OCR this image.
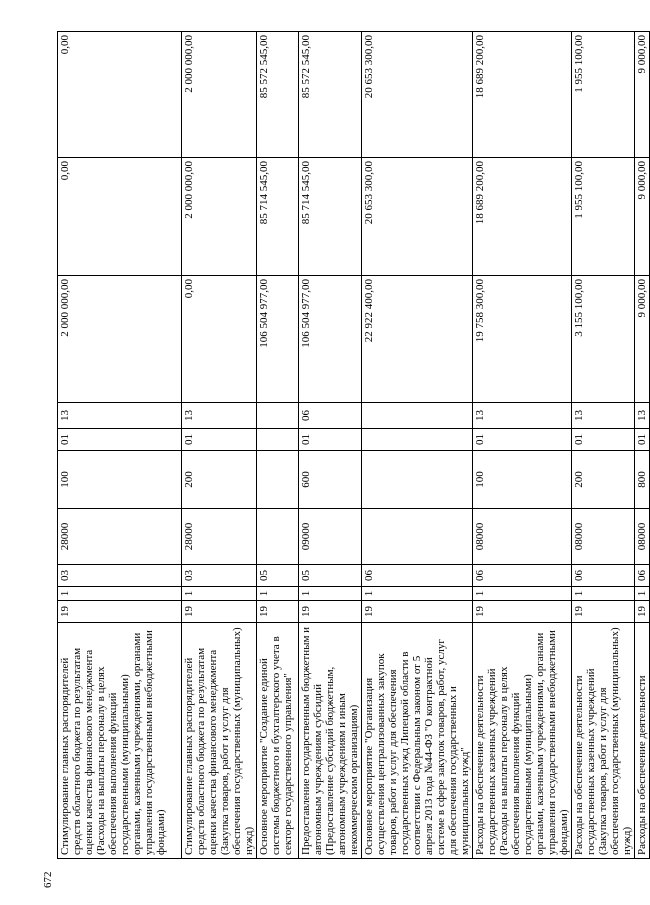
672
Стимулирование главных распорядителей средств областного бюджета по результатам оценки качества финансового менеджмента (Расходы на выплаты персоналу в целях обеспечения выполнения функций государственными (муниципальными) органами, казенными учреждениями, органами управления государственными внебюджетными фондами)	19	1	03	28000	100	01	13	2 000 000,00	0,00	0,00
Стимулирование главных распорядителей средств областного бюджета по результатам оценки качества финансового менеджмента (Закупка товаров, работ и услуг для обеспечения государственных (муниципальных) нужд)	19	1	03	28000	200	01	13	0,00	2 000 000,00	2 000 000,00
Основное мероприятие "Создание единой системы бюджетного и бухгалтерского учета в секторе государственного управления"	19	1	05					106 504 977,00	85 714 545,00	85 572 545,00
Предоставление государственным бюджетным и автономным учреждениям субсидий (Предоставление субсидий бюджетным, автономным учреждениям и иным некоммерческим организациям)	19	1	05	09000	600	01	06	106 504 977,00	85 714 545,00	85 572 545,00
Основное мероприятие "Организация осуществления централизованных закупок товаров, работ и услуг для обеспечения государственных нужд Липецкой области в соответствии с Федеральным законом от 5 апреля 2013 года №44-ФЗ "О контрактной системе в сфере закупок товаров, работ, услуг для обеспечения государственных и муниципальных нужд"	19	1	06					22 922 400,00	20 653 300,00	20 653 300,00
Расходы на обеспечение деятельности государственных казенных учреждений (Расходы на выплаты персоналу в целях обеспечения выполнения функций государственными (муниципальными) органами, казенными учреждениями, органами управления государственными внебюджетными фондами)	19	1	06	08000	100	01	13	19 758 300,00	18 689 200,00	18 689 200,00
Расходы на обеспечение деятельности государственных казенных учреждений (Закупка товаров, работ и услуг для обеспечения государственных (муниципальных) нужд)	19	1	06	08000	200	01	13	3 155 100,00	1 955 100,00	1 955 100,00
Расходы на обеспечение деятельности	19	1	06	08000	800	01	13	9 000,00	9 000,00	9 000,00
